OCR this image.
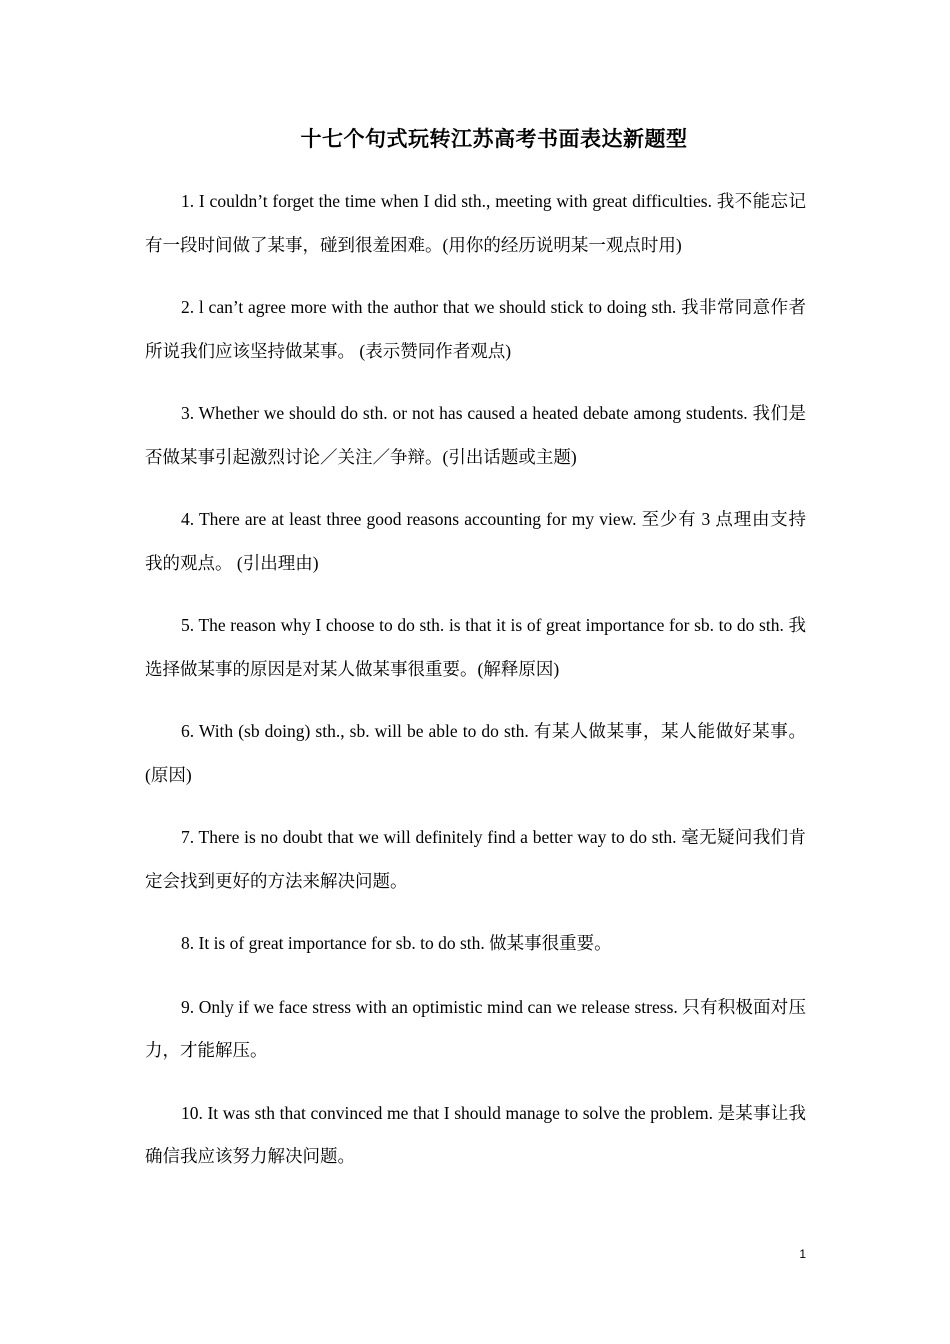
十七个句式玩转江苏高考书面表达新题型

1. I couldn’t forget the time when I did sth., meeting with great difficulties. 我不能忘记有一段时间做了某事，碰到很羞困难。(用你的经历说明某一观点时用)

2. l can’t agree more with the author that we should stick to doing sth. 我非常同意作者所说我们应该坚持做某事。 (表示赞同作者观点)

3. Whether we should do sth. or not has caused a heated debate among students. 我们是否做某事引起激烈讨论／关注／争辩。(引出话题或主题)

4. There are at least three good reasons accounting for my view. 至少有 3 点理由支持我的观点。 (引出理由)

5. The reason why I choose to do sth. is that it is of great importance for sb. to do sth. 我选择做某事的原因是对某人做某事很重要。(解释原因)

6. With (sb doing) sth., sb. will be able to do sth. 有某人做某事，某人能做好某事。(原因)

7. There is no doubt that we will definitely find a better way to do sth. 毫无疑问我们肯定会找到更好的方法来解决问题。

8. It is of great importance for sb. to do sth. 做某事很重要。

9. Only if we face stress with an optimistic mind can we release stress. 只有积极面对压力，才能解压。

10. It was sth that convinced me that I should manage to solve the problem. 是某事让我确信我应该努力解决问题。

1
